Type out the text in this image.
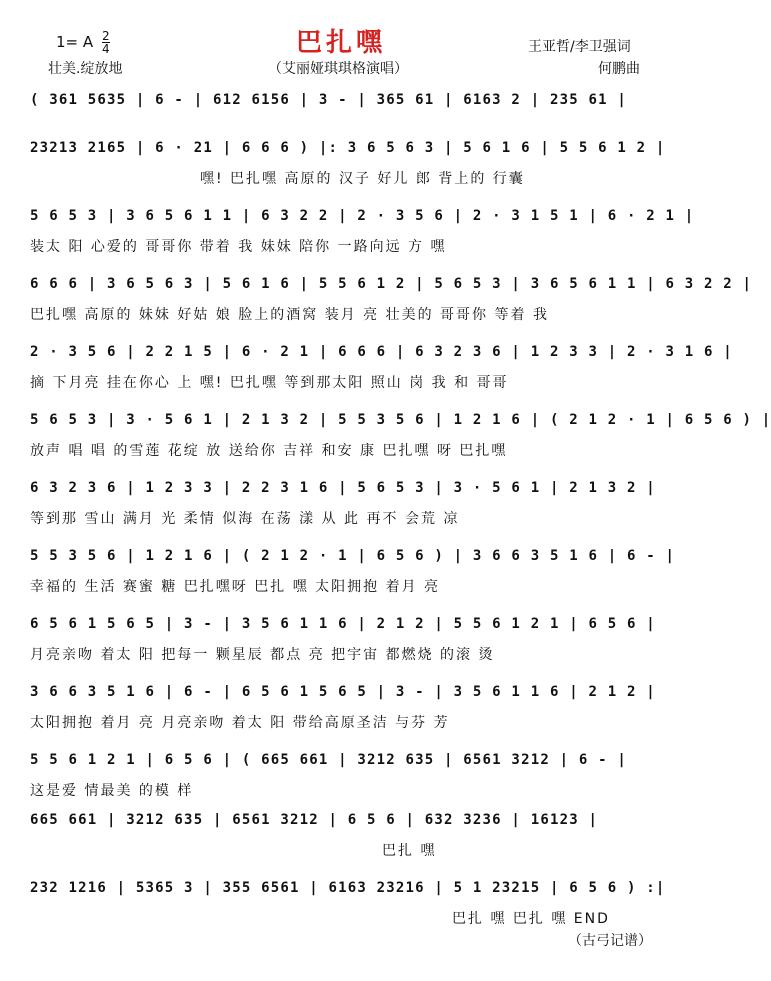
1= A $\frac{2}{4}$
壮美.绽放地
巴扎嘿
（艾丽娅琪琪格演唱）
王亚哲/李卫强词
何鹏曲
( 361 5635 | 6 - | 612 6156 | 3 - | 365 61 | 6163 2 | 235 61 |
23213 2165 | 6 · 21 | 6 6 6 ) |: 3 6 5 6 3 | 5 6 1 6 | 5 5 6 1 2 |
嘿! 巴扎嘿 高原的 汉子 好儿 郎 背上的 行囊
5 6 5 3 | 3 6 5 6 1 1 | 6 3 2 2 | 2 · 3 5 6 | 2 · 3 1 5 1 | 6 · 2 1 |
装太 阳 心爱的 哥哥你 带着 我 妹妹 陪你 一路向远 方 嘿
6 6 6 | 3 6 5 6 3 | 5 6 1 6 | 5 5 6 1 2 | 5 6 5 3 | 3 6 5 6 1 1 | 6 3 2 2 |
巴扎嘿 高原的 妹妹 好姑 娘 脸上的酒窝 装月 亮 壮美的 哥哥你 等着 我
2 · 3 5 6 | 2 2 1 5 | 6 · 2 1 | 6 6 6 | 6 3 2 3 6 | 1 2 3 3 | 2 · 3 1 6 |
摘 下月亮 挂在你心 上 嘿! 巴扎嘿 等到那太阳 照山 岗 我 和 哥哥
5 6 5 3 | 3 · 5 6 1 | 2 1 3 2 | 5 5 3 5 6 | 1 2 1 6 | ( 2 1 2 · 1 | 6 5 6 ) |
放声 唱 唱 的雪莲 花绽 放 送给你 吉祥 和安 康 巴扎嘿 呀 巴扎嘿
6 3 2 3 6 | 1 2 3 3 | 2 2 3 1 6 | 5 6 5 3 | 3 · 5 6 1 | 2 1 3 2 |
等到那 雪山 满月 光 柔情 似海 在荡 漾 从 此 再不 会荒 凉
5 5 3 5 6 | 1 2 1 6 | ( 2 1 2 · 1 | 6 5 6 ) | 3 6 6 3 5 1 6 | 6 - |
幸福的 生活 赛蜜 糖 巴扎嘿呀 巴扎 嘿 太阳拥抱 着月 亮
6 5 6 1 5 6 5 | 3 - | 3 5 6 1 1 6 | 2 1 2 | 5 5 6 1 2 1 | 6 5 6 |
月亮亲吻 着太 阳 把每一 颗星辰 都点 亮 把宇宙 都燃烧 的滚 烫
3 6 6 3 5 1 6 | 6 - | 6 5 6 1 5 6 5 | 3 - | 3 5 6 1 1 6 | 2 1 2 |
太阳拥抱 着月 亮 月亮亲吻 着太 阳 带给高原圣洁 与芬 芳
5 5 6 1 2 1 | 6 5 6 | ( 665 661 | 3212 635 | 6561 3212 | 6 - |
这是爱 情最美 的模 样
665 661 | 3212 635 | 6561 3212 | 6 5 6 | 632 3236 | 16123 |
巴扎 嘿
232 1216 | 5365 3 | 355 6561 | 6163 23216 | 5 1 23215 | 6 5 6 ) :|
巴扎 嘿 巴扎 嘿 END
（古弓记谱）
